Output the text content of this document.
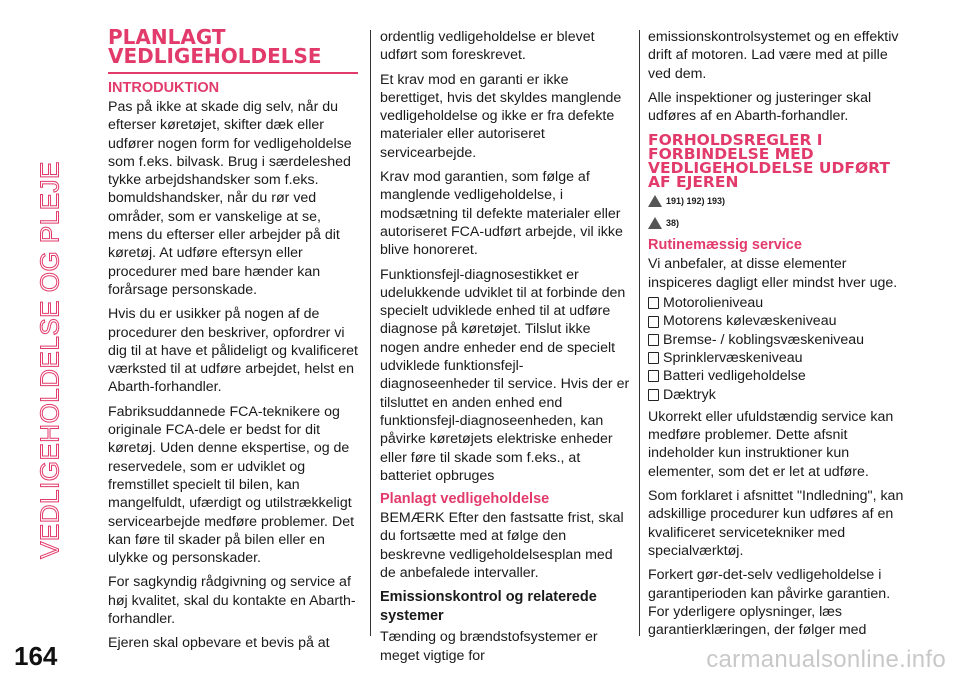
VEDLIGEHOLDELSE OG PLEJE
PLANLAGT
VEDLIGEHOLDELSE
INTRODUKTION

Pas på ikke at skade dig selv, når du efterser køretøjet, skifter dæk eller udfører nogen form for vedligeholdelse som f.eks. bilvask. Brug i særdeleshed tykke arbejdshandsker som f.eks. bomuldshandsker, når du rør ved områder, som er vanskelige at se, mens du efterser eller arbejder på dit køretøj. At udføre eftersyn eller procedurer med bare hænder kan forårsage personskade.

Hvis du er usikker på nogen af de procedurer den beskriver, opfordrer vi dig til at have et pålideligt og kvalificeret værksted til at udføre arbejdet, helst en Abarth-forhandler.

Fabriksuddannede FCA-teknikere og originale FCA-dele er bedst for dit køretøj. Uden denne ekspertise, og de reservedele, som er udviklet og fremstillet specielt til bilen, kan mangelfuldt, ufærdigt og utilstrækkeligt servicearbejde medføre problemer. Det kan føre til skader på bilen eller en ulykke og personskader.

For sagkyndig rådgivning og service af høj kvalitet, skal du kontakte en Abarth-forhandler.

Ejeren skal opbevare et bevis på at

ordentlig vedligeholdelse er blevet udført som foreskrevet.

Et krav mod en garanti er ikke berettiget, hvis det skyldes manglende vedligeholdelse og ikke er fra defekte materialer eller autoriseret servicearbejde.

Krav mod garantien, som følge af manglende vedligeholdelse, i modsætning til defekte materialer eller autoriseret FCA-udført arbejde, vil ikke blive honoreret.

Funktionsfejl-diagnosestikket er udelukkende udviklet til at forbinde den specielt udviklede enhed til at udføre diagnose på køretøjet. Tilslut ikke nogen andre enheder end de specielt udviklede funktionsfejl-diagnoseenheder til service. Hvis der er tilsluttet en anden enhed end funktionsfejl-diagnoseenheden, kan påvirke køretøjets elektriske enheder eller føre til skade som f.eks., at batteriet opbruges

Planlagt vedligeholdelse

BEMÆRK Efter den fastsatte frist, skal du fortsætte med at følge den beskrevne vedligeholdelsesplan med de anbefalede intervaller.

Emissionskontrol og relaterede systemer

Tænding og brændstofsystemer er meget vigtige for

emissionskontrolsystemet og en effektiv drift af motoren. Lad være med at pille ved dem.

Alle inspektioner og justeringer skal udføres af en Abarth-forhandler.

FORHOLDSREGLER I FORBINDELSE MED VEDLIGEHOLDELSE UDFØRT AF EJEREN
191) 192) 193)
38)
Rutinemæssig service

Vi anbefaler, at disse elementer inspiceres dagligt eller mindst hver uge.

Motorolieniveau
Motorens kølevæskeniveau
Bremse- / koblingsvæskeniveau
Sprinklervæskeniveau
Batteri vedligeholdelse
Dæktryk

Ukorrekt eller ufuldstændig service kan medføre problemer. Dette afsnit indeholder kun instruktioner kun elementer, som det er let at udføre.

Som forklaret i afsnittet "Indledning", kan adskillige procedurer kun udføres af en kvalificeret servicetekniker med specialværktøj.

Forkert gør-det-selv vedligeholdelse i garantiperioden kan påvirke garantien. For yderligere oplysninger, læs garantierklæringen, der følger med

164	carmanualsonline.info
